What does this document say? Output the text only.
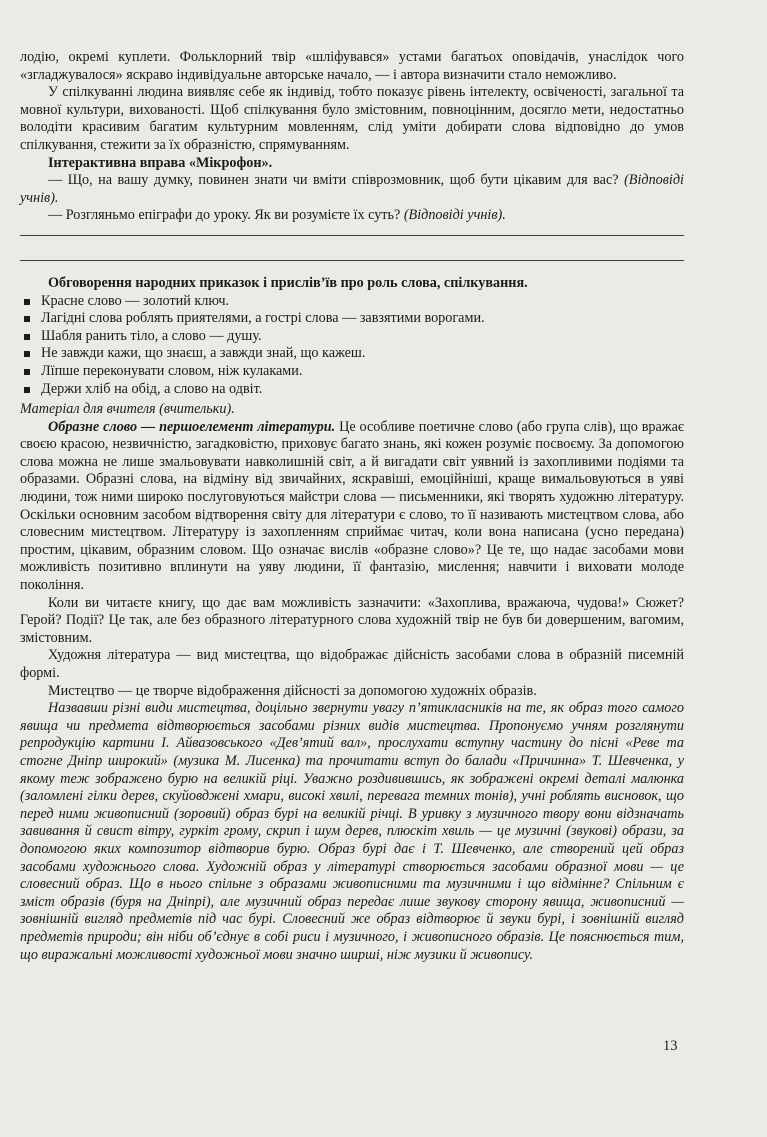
лодію, окремі куплети. Фольклорний твір «шліфувався» устами багатьох оповідачів, унаслідок чого «згладжувалося» яскраво індивідуальне авторське начало, — і автора визначити стало неможливо.

У спілкуванні людина виявляє себе як індивід, тобто показує рівень інтелекту, освіченості, загальної та мовної культури, вихованості. Щоб спілкування було змістовним, повноцінним, досягло мети, недостатньо володіти красивим багатим культурним мовленням, слід уміти добирати слова відповідно до умов спілкування, стежити за їх образністю, спрямуванням.

Інтерактивна вправа «Мікрофон».

— Що, на вашу думку, повинен знати чи вміти співрозмовник, щоб бути цікавим для вас? (Відповіді учнів).

— Розгляньмо епіграфи до уроку. Як ви розумієте їх суть? (Відповіді учнів).

Обговорення народних приказок і прислів’їв про роль слова, спілкування.

Красне слово — золотий ключ.
Лагідні слова роблять приятелями, а гострі слова — завзятими ворогами.
Шабля ранить тіло, а слово — душу.
Не завжди кажи, що знаєш, а завжди знай, що кажеш.
Лїпше переконувати словом, ніж кулаками.
Держи хліб на обід, а слово на одвіт.

Матеріал для вчителя (вчительки).

Образне слово — першоелемент літератури. Це особливе поетичне слово (або група слів), що вражає своєю красою, незвичністю, загадковістю, приховує багато знань, які кожен розуміє посвоєму. За допомогою слова можна не лише змальовувати навколишній світ, а й вигадати світ уявний із захопливими подіями та образами. Образні слова, на відміну від звичайних, яскравіші, емоційніші, краще вимальовуються в уяві людини, тож ними широко послуговуються майстри слова — письменники, які творять художню літературу. Оскільки основним засобом відтворення світу для літератури є слово, то її називають мистецтвом слова, або словесним мистецтвом. Літературу із захопленням сприймає читач, коли вона написана (усно передана) простим, цікавим, образним словом. Що означає вислів «образне слово»? Це те, що надає засобами мови можливість позитивно вплинути на уяву людини, її фантазію, мислення; навчити і виховати молоде покоління.

Коли ви читаєте книгу, що дає вам можливість зазначити: «Захоплива, вражаюча, чудова!» Сюжет? Герой? Події? Це так, але без образного літературного слова художній твір не був би довершеним, вагомим, змістовним.

Художня література — вид мистецтва, що відображає дійсність засобами слова в образній писемній формі.

Мистецтво — це творче відображення дійсності за допомогою художніх образів.

Назвавши різні види мистецтва, доцільно звернути увагу п’ятикласників на те, як образ того самого явища чи предмета відтворюється засобами різних видів мистецтва. Пропонуємо учням розглянути репродукцію картини І. Айвазовського «Дев’ятий вал», прослухати вступну частину до пісні «Реве та стогне Дніпр широкий» (музика М. Лисенка) та прочитати вступ до балади «Причинна» Т. Шевченка, у якому теж зображено бурю на великій ріці. Уважно роздивившись, як зображені окремі деталі малюнка (заломлені гілки дерев, скуйовджені хмари, високі хвилі, перевага темних тонів), учні роблять висновок, що перед ними живописний (зоровий) образ бурі на великій річці. В уривку з музичного твору вони відзначать завивання й свист вітру, гуркіт грому, скрип і шум дерев, плюскіт хвиль — це музичні (звукові) образи, за допомогою яких композитор відтворив бурю. Образ бурі дає і Т. Шевченко, але створений цей образ засобами художнього слова. Художній образ у літературі створюється засобами образної мови — це словесний образ. Що в нього спільне з образами живописними та музичними і що відмінне? Спільним є зміст образів (буря на Дніпрі), але музичний образ передає лише звукову сторону явища, живописний — зовнішній вигляд предметів під час бурі. Словесний же образ відтворює й звуки бурі, і зовнішній вигляд предметів природи; він ніби об’єднує в собі риси і музичного, і живописного образів. Це пояснюється тим, що виражальні можливості художньої мови значно ширші, ніж музики й живопису.

13
